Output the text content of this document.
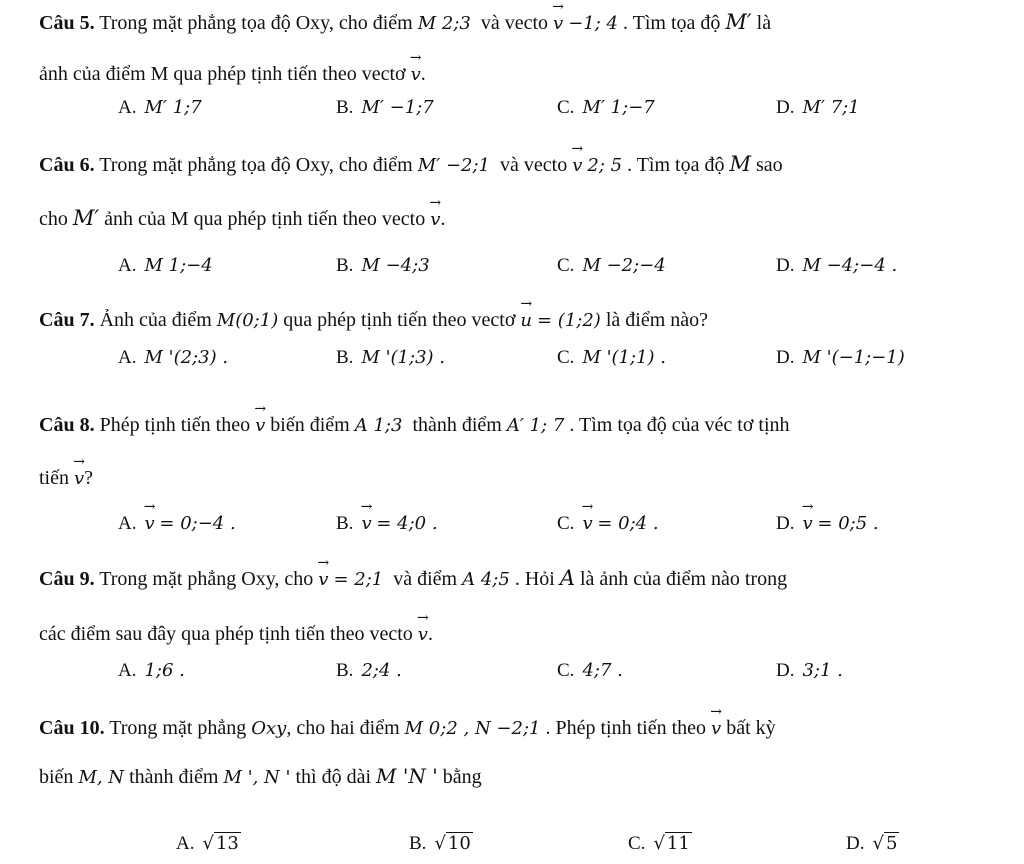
Câu 5. Trong mặt phẳng tọa độ Oxy, cho điểm M 2;3 và vecto → v −1; 4 . Tìm tọa độ M′ là
ảnh của điểm M qua phép tịnh tiến theo vectơ → v.
A. M′ 1;7	B. M′ −1;7	C. M′ 1;−7	D. M′ 7;1
Câu 6. Trong mặt phẳng tọa độ Oxy, cho điểm M′ −2;1 và vecto → v 2; 5 . Tìm tọa độ M sao
cho M′ ảnh của M qua phép tịnh tiến theo vecto → v.
A. M 1;−4	B. M −4;3	C. M −2;−4	D. M −4;−4 .
Câu 7. Ảnh của điểm M(0;1) qua phép tịnh tiến theo vectơ → u = (1;2) là điểm nào?
A. M '(2;3) .	B. M '(1;3) .	C. M '(1;1) .	D. M '(−1;−1)
Câu 8. Phép tịnh tiến theo → v biến điểm A 1;3 thành điểm A′ 1; 7 . Tìm tọa độ của véc tơ tịnh
tiến → v?
A. → v = 0;−4 .	B. → v = 4;0 .	C. → v = 0;4 .	D. → v = 0;5 .
Câu 9. Trong mặt phẳng Oxy, cho → v = 2;1 và điểm A 4;5 . Hỏi A là ảnh của điểm nào trong
các điểm sau đây qua phép tịnh tiến theo vecto → v.
A. 1;6 .	B. 2;4 .	C. 4;7 .	D. 3;1 .
Câu 10. Trong mặt phẳng Oxy, cho hai điểm M 0;2 , N −2;1 . Phép tịnh tiến theo → v bất kỳ
biến M, N thành điểm M ', N ' thì độ dài M 'N ' bằng
A. √ 13	B. √ 10	C. √ 11	D. √ 5
